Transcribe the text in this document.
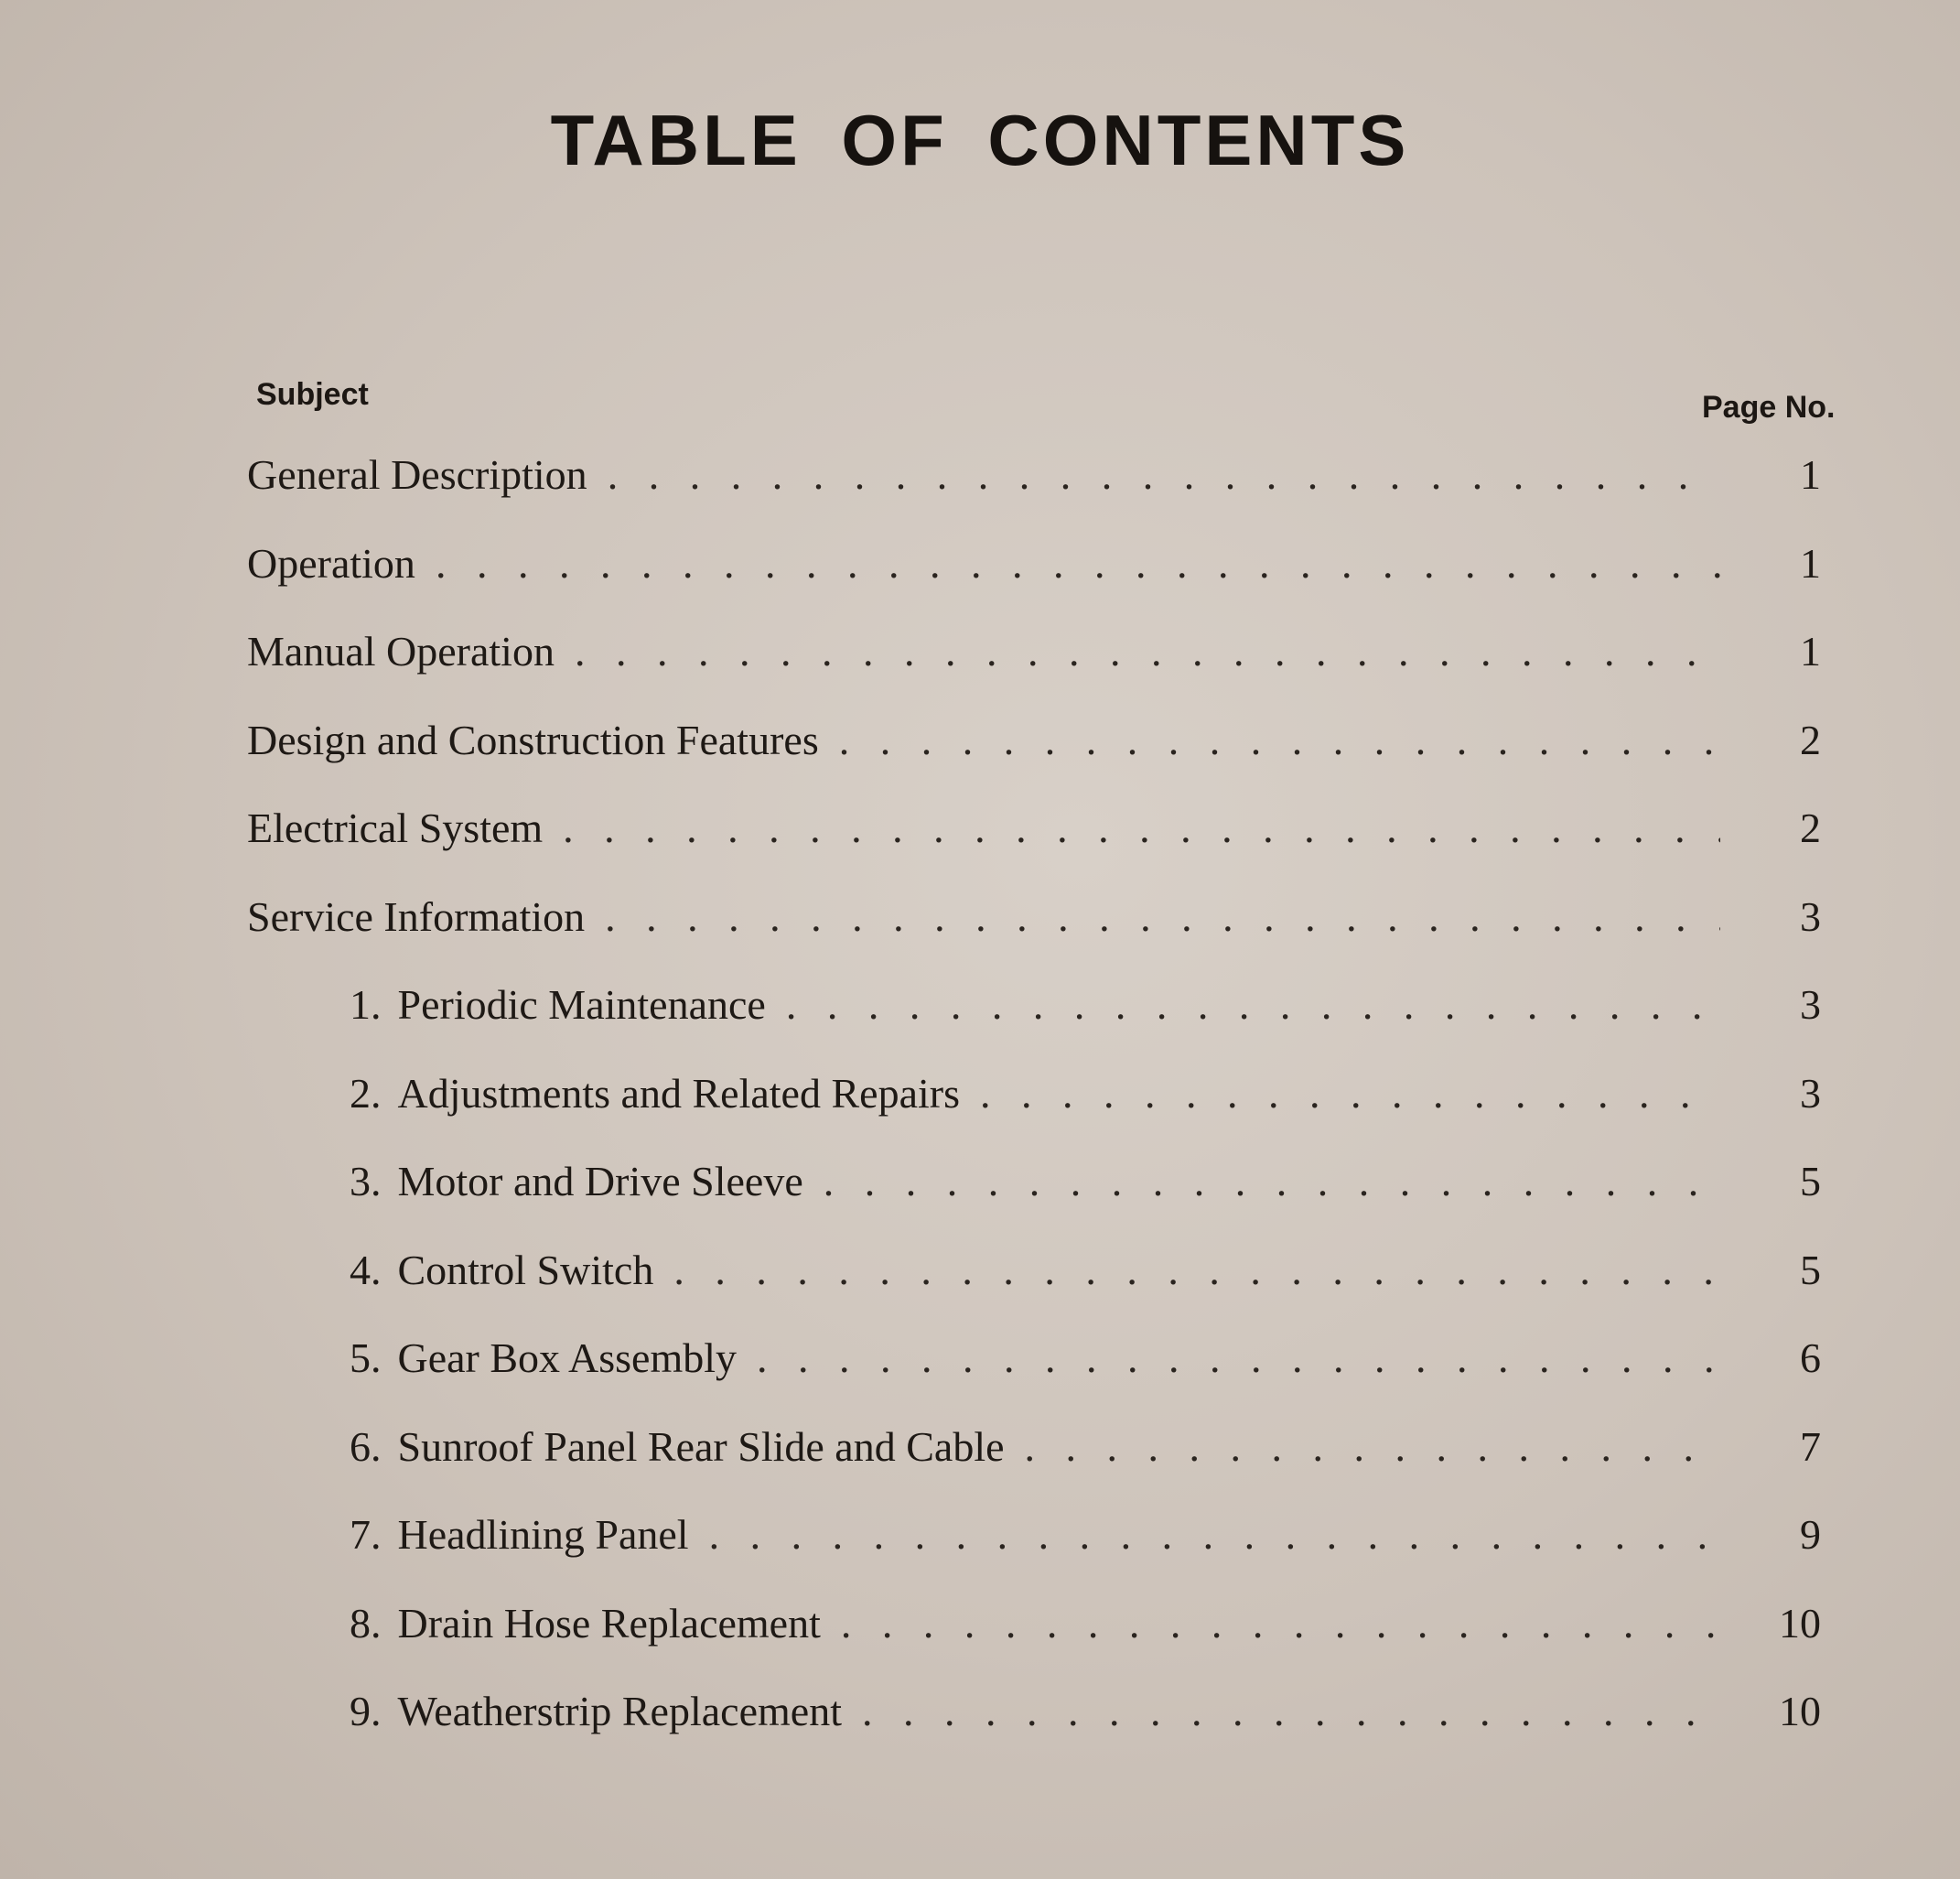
TABLE OF CONTENTS
Subject	Page No.
General Description . . .	1
Operation . . .	1
Manual Operation . . .	1
Design and Construction Features . . .	2
Electrical System . . .	2
Service Information . . .	3
1. Periodic Maintenance . . .	3
2. Adjustments and Related Repairs . . .	3
3. Motor and Drive Sleeve . . .	5
4. Control Switch . . .	5
5. Gear Box Assembly . . .	6
6. Sunroof Panel Rear Slide and Cable . . .	7
7. Headlining Panel . . .	9
8. Drain Hose Replacement . . .	10
9. Weatherstrip Replacement . . .	10
